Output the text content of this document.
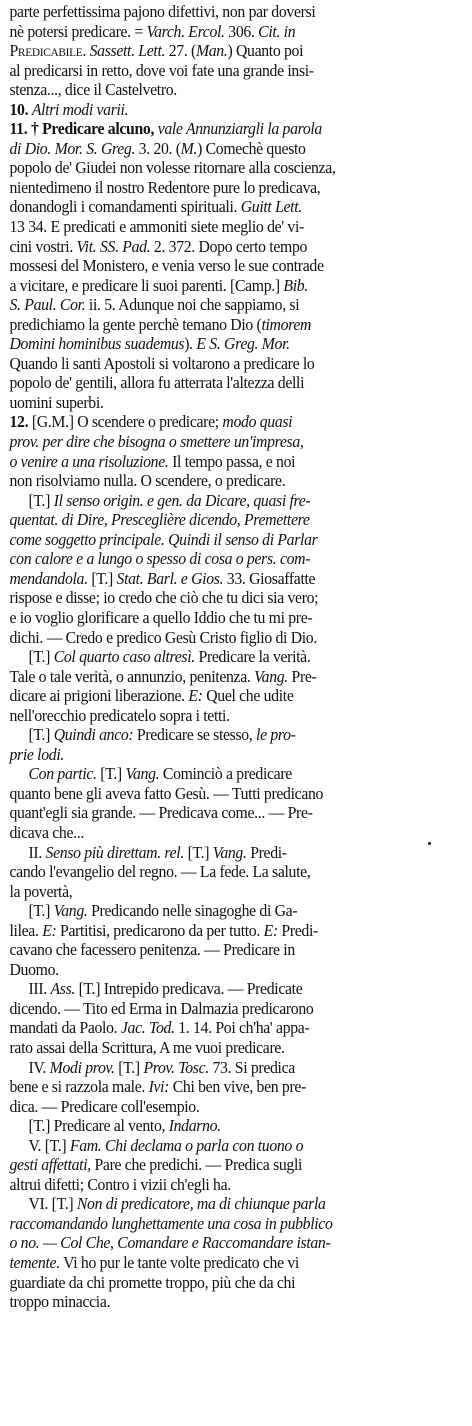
parte perfettissima pajono difettivi, non par doversi
nè potersi predicare. = Varch. Ercol. 306. Cit. in
Predicabile. Sassett. Lett. 27. (Man.) Quanto poi
al predicarsi in retto, dove voi fate una grande insi-
stenza..., dice il Castelvetro.
10. Altri modi varii.
11. † Predicare alcuno, vale Annunziargli la parola
di Dio. Mor. S. Greg. 3. 20. (M.) Comechè questo
popolo de' Giudei non volesse ritornare alla coscienza,
nientedimeno il nostro Redentore pure lo predicava,
donandogli i comandamenti spirituali. Guitt Lett.
13 34. E predicati e ammoniti siete meglio de' vi-
cini vostri. Vit. SS. Pad. 2. 372. Dopo certo tempo
mossesi del Monistero, e venia verso le sue contrade
a vicitare, e predicare li suoi parenti. [Camp.] Bib.
S. Paul. Cor. ii. 5. Adunque noi che sappiamo, si
predichiamo la gente perchè temano Dio (timorem
Domini hominibus suademus). E S. Greg. Mor.
Quando li santi Apostoli si voltarono a predicare lo
popolo de' gentili, allora fu atterrata l'altezza delli
uomini superbi.
12. [G.M.] O scendere o predicare; modo quasi
prov. per dire che bisogna o smettere un'impresa,
o venire a una risoluzione. Il tempo passa, e noi
non risolviamo nulla. O scendere, o predicare.
[T.] Il senso origin. e gen. da Dicare, quasi fre-
quentat. di Dire, Presceglière dicendo, Premettere
come soggetto principale. Quindi il senso di Parlar
con calore e a lungo o spesso di cosa o pers. com-
mendandola. [T.] Stat. Barl. e Gios. 33. Giosaffatte
rispose e disse; io credo che ciò che tu dici sia vero;
e io voglio glorificare a quello Iddio che tu mi pre-
dichi. — Credo e predico Gesù Cristo figlio di Dio.
[T.] Col quarto caso altresì. Predicare la verità.
Tale o tale verità, o annunzio, penitenza. Vang. Pre-
dicare ai prigioni liberazione. E: Quel che udite
nell'orecchio predicatelo sopra i tetti.
[T.] Quindi anco: Predicare se stesso, le pro-
prie lodi.
Con partic. [T.] Vang. Cominciò a predicare
quanto bene gli aveva fatto Gesù. — Tutti predicano
quant'egli sia grande. — Predicava come... — Pre-
dicava che...
II. Senso più direttam. rel. [T.] Vang. Predi-
cando l'evangelio del regno. — La fede. La salute,
la povertà,
[T.] Vang. Predicando nelle sinagoghe di Ga-
lilea. E: Partitisi, predicarono da per tutto. E: Predi-
cavano che facessero penitenza. — Predicare in
Duomo.
III. Ass. [T.] Intrepido predicava. — Predicate
dicendo. — Tito ed Erma in Dalmazia predicarono
mandati da Paolo. Jac. Tod. 1. 14. Poi ch'ha' appa-
rato assai della Scrittura, A me vuoi predicare.
IV. Modi prov. [T.] Prov. Tosc. 73. Si predica
bene e si razzola male. Ivi: Chi ben vive, ben pre-
dica. — Predicare coll'esempio.
[T.] Predicare al vento, Indarno.
V. [T.] Fam. Chi declama o parla con tuono o
gesti affettati, Pare che predichi. — Predica sugli
altrui difetti; Contro i vizii ch'egli ha.
VI. [T.] Non di predicatore, ma di chiunque parla
raccomandando lunghettamente una cosa in pubblico
o no. — Col Che, Comandare e Raccomandare istan-
temente. Vi ho pur le tante volte predicato che vi
guardiate da chi promette troppo, più che da chi
troppo minaccia.
